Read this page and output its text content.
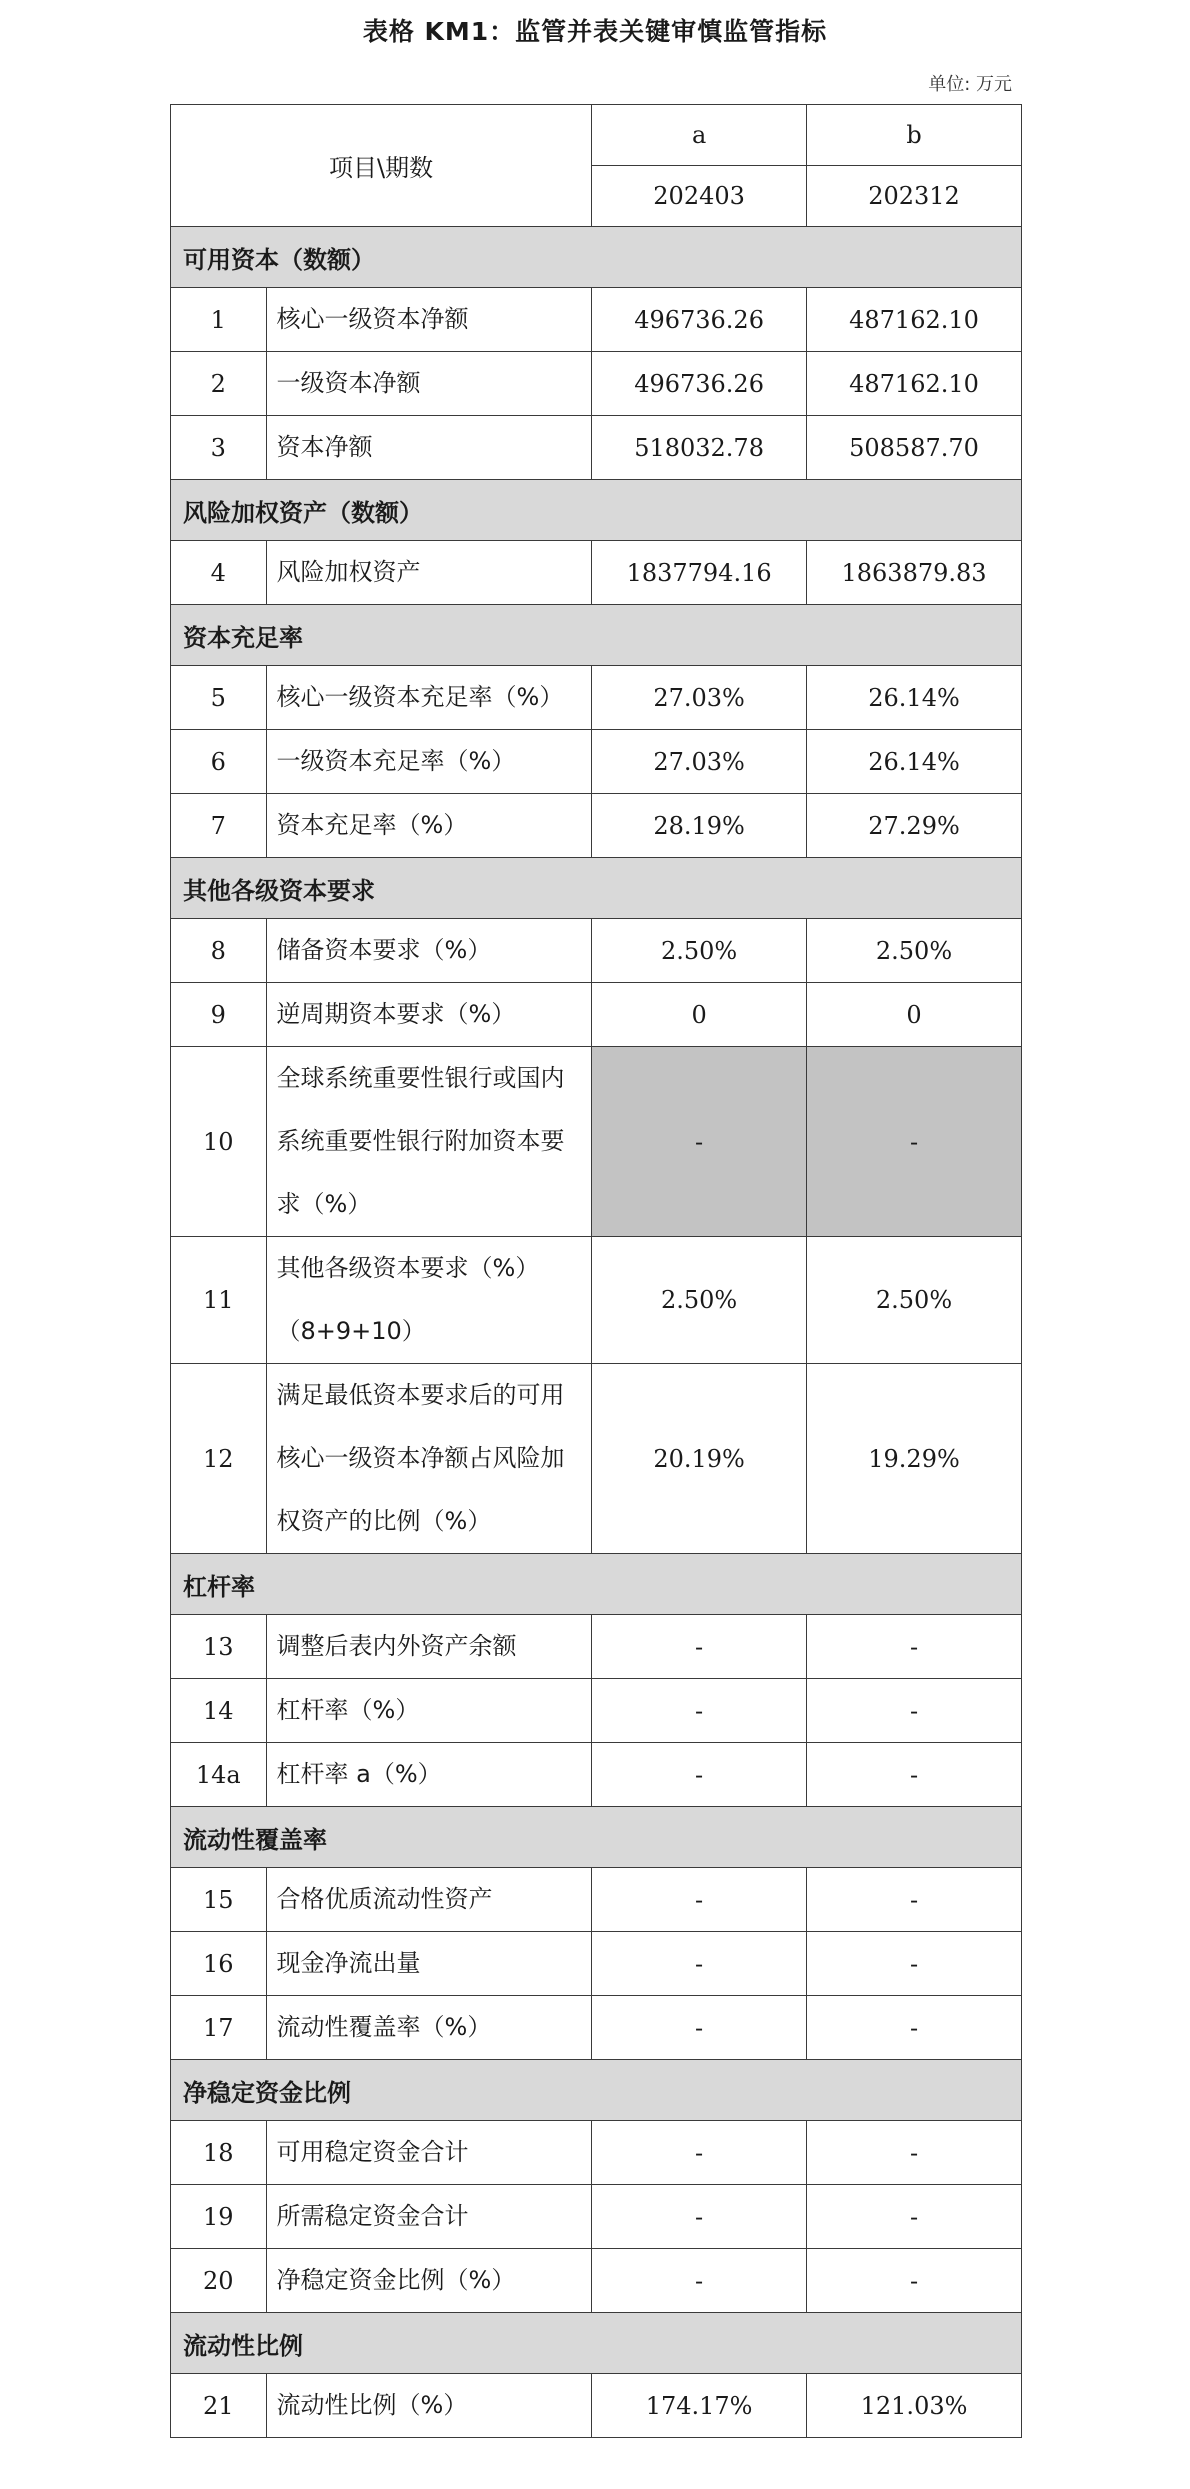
表格 KM1：监管并表关键审慎监管指标
单位: 万元
项目\期数		a	b
		202403	202312
可用资本（数额）			
1	核心一级资本净额	496736.26	487162.10
2	一级资本净额	496736.26	487162.10
3	资本净额	518032.78	508587.70
风险加权资产（数额）			
4	风险加权资产	1837794.16	1863879.83
资本充足率			
5	核心一级资本充足率（%）	27.03%	26.14%
6	一级资本充足率（%）	27.03%	26.14%
7	资本充足率（%）	28.19%	27.29%
其他各级资本要求			
8	储备资本要求（%）	2.50%	2.50%
9	逆周期资本要求（%）	0	0
10	全球系统重要性银行或国内系统重要性银行附加资本要求（%）	-	-
11	其他各级资本要求（%）（8+9+10）	2.50%	2.50%
12	满足最低资本要求后的可用核心一级资本净额占风险加权资产的比例（%）	20.19%	19.29%
杠杆率			
13	调整后表内外资产余额	-	-
14	杠杆率（%）	-	-
14a	杠杆率 a（%）	-	-
流动性覆盖率			
15	合格优质流动性资产	-	-
16	现金净流出量	-	-
17	流动性覆盖率（%）	-	-
净稳定资金比例			
18	可用稳定资金合计	-	-
19	所需稳定资金合计	-	-
20	净稳定资金比例（%）	-	-
流动性比例			
21	流动性比例（%）	174.17%	121.03%
